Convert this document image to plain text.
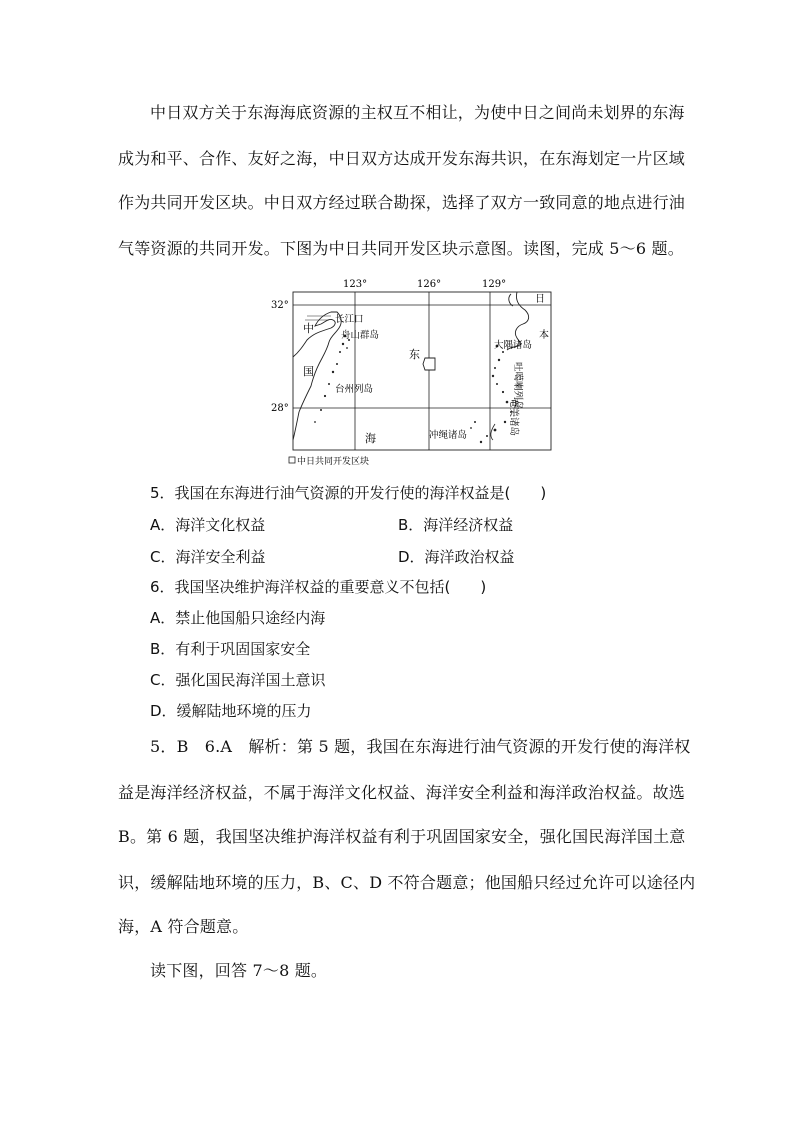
中日双方关于东海海底资源的主权互不相让，为使中日之间尚未划界的东海
成为和平、合作、友好之海，中日双方达成开发东海共识，在东海划定一片区域
作为共同开发区块。中日双方经过联合勘探，选择了双方一致同意的地点进行油
气等资源的共同开发。下图为中日共同开发区块示意图。读图，完成 5～6 题。
123°	126°	129°
32°
28°
中
国
长江口
舟山群岛
台州列岛
东
海	冲绳诸岛
大隅诸岛
日
本
吐噶喇列岛
奄美诸岛
中日共同开发区块
5．我国在东海进行油气资源的开发行使的海洋权益是(　　)
A．海洋文化权益	B．海洋经济权益
C．海洋安全利益	D．海洋政治权益
6．我国坚决维护海洋权益的重要意义不包括(　　)
A．禁止他国船只途经内海
B．有利于巩固国家安全
C．强化国民海洋国土意识
D．缓解陆地环境的压力
5．B　6.A　解析：第 5 题，我国在东海进行油气资源的开发行使的海洋权
益是海洋经济权益，不属于海洋文化权益、海洋安全利益和海洋政治权益。故选
B。第 6 题，我国坚决维护海洋权益有利于巩固国家安全，强化国民海洋国土意
识，缓解陆地环境的压力，B、C、D 不符合题意；他国船只经过允许可以途径内
海，A 符合题意。
读下图，回答 7～8 题。
